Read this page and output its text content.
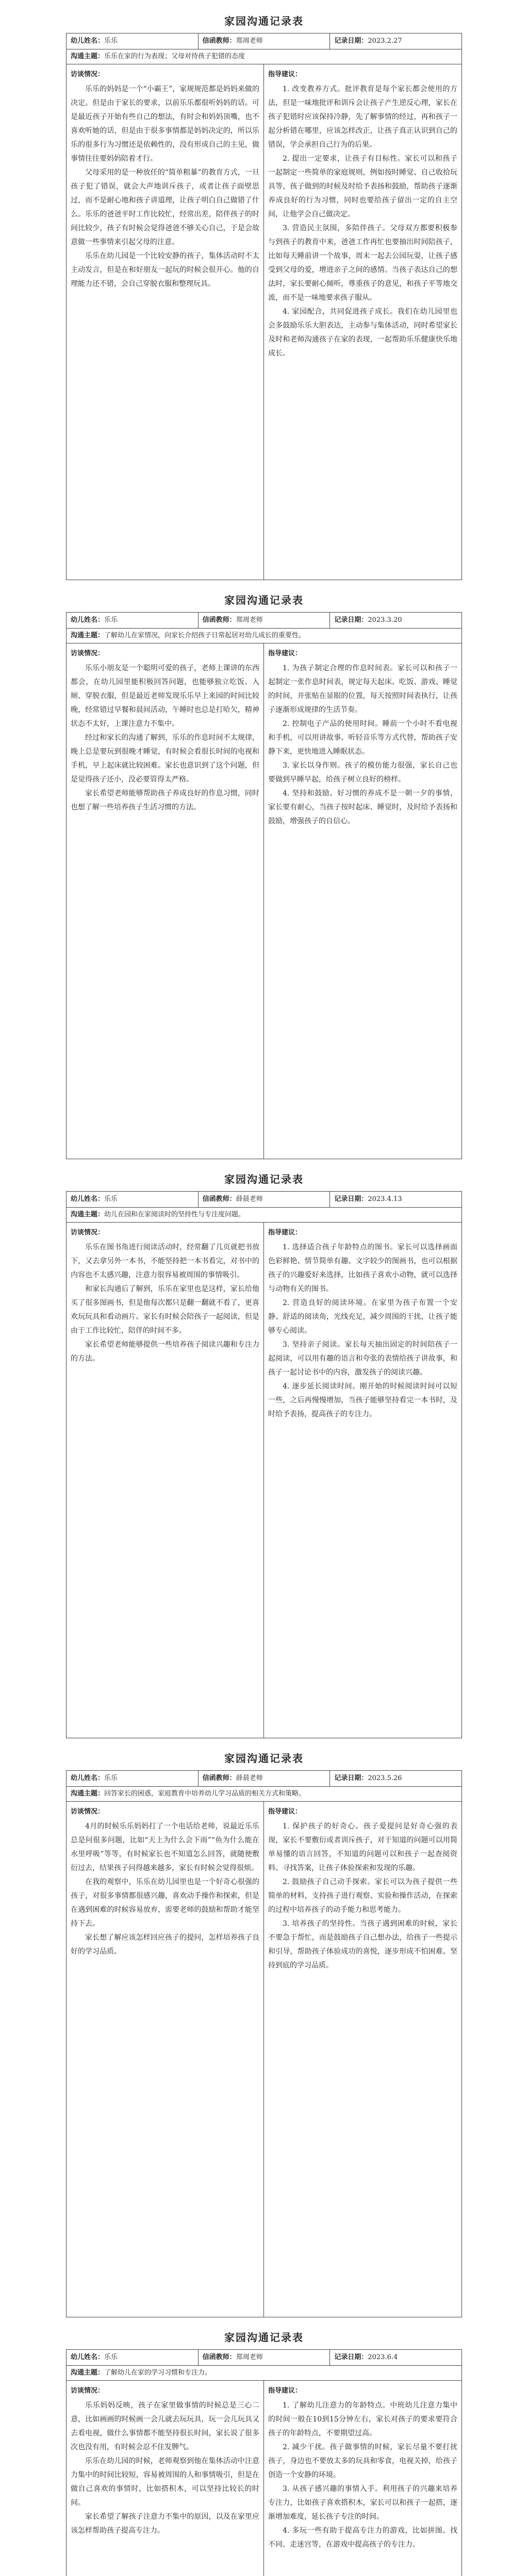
家园沟通记录表
幼儿姓名：乐乐	信函教师：郑周老师	记录日期：2023.2.27
沟通主题：乐乐在家的行为表现；父母对待孩子犯错的态度
访谈情况：

乐乐的妈妈是一个“小霸王”，家规规范都是妈妈来做的决定。但是由于家长的要求，以前乐乐都很听妈妈的话。可是最近孩子开始有些自己的想法，有时会和妈妈顶嘴，也不喜欢听她的话，但是由于很多事情都是妈妈决定的，所以乐乐的很多行为习惯还是依赖性的，没有形成自己的主见，做事情往往要妈妈陪着才行。

父母采用的是一种放任的“简单粗暴”的教育方式，一旦孩子犯了错误，就会大声地训斥孩子，或者让孩子面壁思过，而不是耐心地和孩子讲道理，让孩子明白自己做错了什么。乐乐的爸爸平时工作比较忙，经常出差，陪伴孩子的时间比较少，孩子有时候会觉得爸爸不够关心自己，于是会故意做一些事情来引起父母的注意。

乐乐在幼儿园是一个比较安静的孩子，集体活动时不太主动发言，但是在和好朋友一起玩的时候会很开心。他的自理能力还不错，会自己穿脱衣服和整理玩具。

指导建议：

1. 改变教养方式。批评教育是每个家长都会使用的方法，但是一味地批评和训斥会让孩子产生逆反心理，家长在孩子犯错时应该保持冷静，先了解事情的经过，再和孩子一起分析错在哪里，应该怎样改正，让孩子真正认识到自己的错误，学会承担自己行为的后果。

2. 提出一定要求，让孩子有目标性。家长可以和孩子一起制定一些简单的家庭规则，例如按时睡觉、自己收拾玩具等，孩子做到的时候及时给予表扬和鼓励，帮助孩子逐渐养成良好的行为习惯，同时也要给孩子留出一定的自主空间，让他学会自己做决定。

3. 营造民主氛围，多陪伴孩子。父母双方都要积极参与到孩子的教育中来，爸爸工作再忙也要抽出时间陪孩子，比如每天睡前讲一个故事，周末一起去公园玩耍，让孩子感受到父母的爱，增进亲子之间的感情。当孩子表达自己的想法时，家长要耐心倾听，尊重孩子的意见，和孩子平等地交流，而不是一味地要求孩子服从。

4. 家园配合，共同促进孩子成长。我们在幼儿园里也会多鼓励乐乐大胆表达，主动参与集体活动，同时希望家长及时和老师沟通孩子在家的表现，一起帮助乐乐健康快乐地成长。

家园沟通记录表
幼儿姓名：乐乐	信函教师：郑周老师	记录日期：2023.3.20
沟通主题：了解幼儿在家情况，向家长介绍孩子日常起居对幼儿成长的重要性。
访谈情况：

乐乐小朋友是一个聪明可爱的孩子，老师上课讲的东西都会，在幼儿园里能积极回答问题，也能够独立吃饭、入厕、穿脱衣服，但是最近老师发现乐乐早上来园的时间比较晚，经常错过早餐和晨间活动，午睡时也总是打哈欠，精神状态不太好，上课注意力不集中。

经过和家长的沟通了解到，乐乐的作息时间不太规律，晚上总是要玩到很晚才睡觉，有时候会看很长时间的电视和手机，早上起床就比较困难。家长也意识到了这个问题，但是觉得孩子还小，没必要管得太严格。

家长希望老师能够帮助孩子养成良好的作息习惯，同时也想了解一些培养孩子生活习惯的方法。

指导建议：

1. 为孩子制定合理的作息时间表。家长可以和孩子一起制定一张作息时间表，规定每天起床、吃饭、游戏、睡觉的时间，并张贴在显眼的位置，每天按照时间表执行，让孩子逐渐形成规律的生活节奏。

2. 控制电子产品的使用时间。睡前一个小时不看电视和手机，可以用讲故事、听轻音乐等方式代替，帮助孩子安静下来，更快地进入睡眠状态。

3. 家长以身作则。孩子的模仿能力很强，家长自己也要做到早睡早起，给孩子树立良好的榜样。

4. 坚持和鼓励。好习惯的养成不是一朝一夕的事情，家长要有耐心，当孩子按时起床、睡觉时，及时给予表扬和鼓励，增强孩子的自信心。

家园沟通记录表
幼儿姓名：乐乐	信函教师：薛晨老师	记录日期：2023.4.13
沟通主题：幼儿在园和在家阅读时的坚持性与专注度问题。
访谈情况：

乐乐在图书角进行阅读活动时，经常翻了几页就把书放下，又去拿另外一本书，不能坚持把一本书看完，对书中的内容也不太感兴趣，注意力很容易被周围的事情吸引。

和家长沟通后了解到，乐乐在家里也是这样，家长给他买了很多图画书，但是他每次都只是翻一翻就不看了，更喜欢玩玩具和看动画片。家长有时候会陪孩子一起阅读，但是由于工作比较忙，陪伴的时间不多。

家长希望老师能够提供一些培养孩子阅读兴趣和专注力的方法。

指导建议：

1. 选择适合孩子年龄特点的图书。家长可以选择画面色彩鲜艳、情节简单有趣、文字较少的图画书，也可以根据孩子的兴趣爱好来选择，比如孩子喜欢小动物，就可以选择与动物有关的图书。

2. 营造良好的阅读环境。在家里为孩子布置一个安静、舒适的阅读角，光线充足，减少周围的干扰，让孩子能够专心阅读。

3. 坚持亲子阅读。家长每天抽出固定的时间陪孩子一起阅读，可以用有趣的语言和夸张的表情给孩子讲故事，和孩子一起讨论书中的内容，激发孩子的阅读兴趣。

4. 逐步延长阅读时间。刚开始的时候阅读时间可以短一些，之后再慢慢增加，当孩子能够坚持看完一本书时，及时给予表扬，提高孩子的专注力。

家园沟通记录表
幼儿姓名：乐乐	信函教师：薛晨老师	记录日期：2023.5.26
沟通主题：回答家长的困惑，家庭教育中培养幼儿学习品质的相关方式和策略。
访谈情况：

4月的时候乐乐妈妈打了一个电话给老师，说最近乐乐总是问很多问题，比如“天上为什么会下雨”“鱼为什么能在水里呼吸”等等，有时候家长也不知道怎么回答，就随便敷衍过去，结果孩子问得越来越多，家长有时候会觉得很烦。

在我的观察中，乐乐在幼儿园里也是一个好奇心很强的孩子，对很多事情都很感兴趣，喜欢动手操作和探索，但是在遇到困难的时候容易放弃，需要老师的鼓励和帮助才能坚持下去。

家长想了解应该怎样回应孩子的提问，怎样培养孩子良好的学习品质。

指导建议：

1. 保护孩子的好奇心。孩子爱提问是好奇心强的表现，家长不要敷衍或者训斥孩子，对于知道的问题可以用简单易懂的语言回答，不知道的问题可以和孩子一起查阅资料、寻找答案，让孩子体验探索和发现的乐趣。

2. 鼓励孩子自己动手探索。家长可以为孩子提供一些简单的材料，支持孩子进行观察、实验和操作活动，在探索的过程中培养孩子的动手能力和思考能力。

3. 培养孩子的坚持性。当孩子遇到困难的时候，家长不要急于帮忙，而是鼓励孩子自己想办法，给孩子一些提示和引导，帮助孩子体验成功的喜悦，逐步形成不怕困难、坚持到底的学习品质。

家园沟通记录表
幼儿姓名：乐乐	信函教师：郑周老师	记录日期：2023.6.4
沟通主题：了解幼儿在家的学习习惯和专注力。
访谈情况：

乐乐妈妈反映，孩子在家里做事情的时候总是三心二意，比如画画的时候画一会儿就去玩玩具，玩一会儿玩具又去看电视，做什么事情都不能坚持很长时间，家长说了很多次也没有用，有时候会忍不住发脾气。

乐乐在幼儿园的时候，老师观察到他在集体活动中注意力集中的时间比较短，容易被周围的人和事情吸引，但是在做自己喜欢的事情时，比如搭积木，可以坚持比较长的时间。

家长希望了解孩子注意力不集中的原因，以及在家里应该怎样帮助孩子提高专注力。

指导建议：

1. 了解幼儿注意力的年龄特点。中班幼儿注意力集中的时间一般在10到15分钟左右，家长对孩子的要求要符合孩子的年龄特点，不要期望过高。

2. 减少干扰。孩子做事情的时候，家长尽量不要打扰孩子，身边也不要放太多的玩具和零食，电视关掉，给孩子创造一个安静的环境。

3. 从孩子感兴趣的事情入手。利用孩子的兴趣来培养专注力，比如孩子喜欢搭积木，家长可以和孩子一起搭，逐渐增加难度，延长孩子专注的时间。

4. 多玩一些有助于提高专注力的游戏，比如拼图、找不同、走迷宫等，在游戏中提高孩子的专注力。
